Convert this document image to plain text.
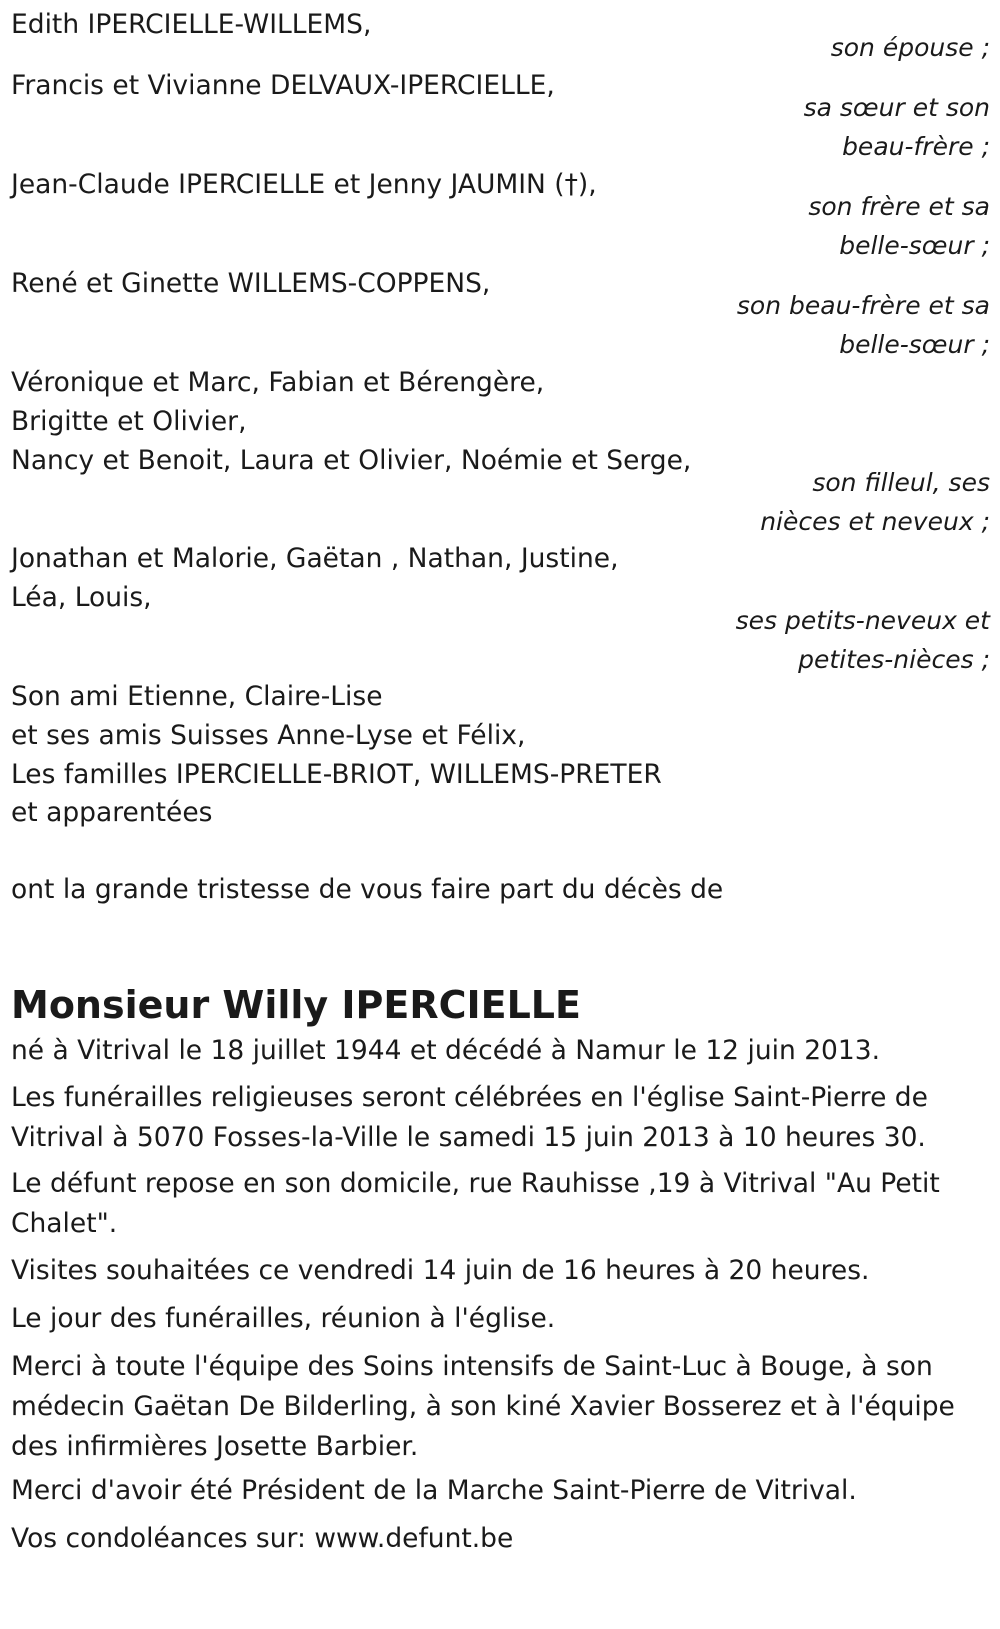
Edith IPERCIELLE-WILLEMS,
son épouse ;
Francis et Vivianne DELVAUX-IPERCIELLE,
sa sœur et son
beau-frère ;
Jean-Claude IPERCIELLE et Jenny JAUMIN (†),
son frère et sa
belle-sœur ;
René et Ginette WILLEMS-COPPENS,
son beau-frère et sa
belle-sœur ;
Véronique et Marc, Fabian et Bérengère,
Brigitte et Olivier,
Nancy et Benoit, Laura et Olivier, Noémie et Serge,
son filleul, ses
nièces et neveux ;
Jonathan et Malorie, Gaëtan , Nathan, Justine,
Léa, Louis,
ses petits-neveux et
petites-nièces ;
Son ami Etienne, Claire-Lise
et ses amis Suisses Anne-Lyse et Félix,
Les familles IPERCIELLE-BRIOT, WILLEMS-PRETER
et apparentées
ont la grande tristesse de vous faire part du décès de
Monsieur Willy IPERCIELLE
né à Vitrival le 18 juillet 1944 et décédé à Namur le 12 juin 2013.
Les funérailles religieuses seront célébrées en l'église Saint-Pierre de Vitrival à 5070 Fosses-la-Ville le samedi 15 juin 2013 à 10 heures 30.
Le défunt repose en son domicile, rue Rauhisse ,19 à Vitrival "Au Petit Chalet".
Visites souhaitées ce vendredi 14 juin de 16 heures à 20 heures.
Le jour des funérailles, réunion à l'église.
Merci à toute l'équipe des Soins intensifs de Saint-Luc à Bouge, à son médecin Gaëtan De Bilderling, à son kiné Xavier Bosserez et à l'équipe des infirmières Josette Barbier.
Merci d'avoir été Président de la Marche Saint-Pierre de Vitrival.
Vos condoléances sur: www.defunt.be
